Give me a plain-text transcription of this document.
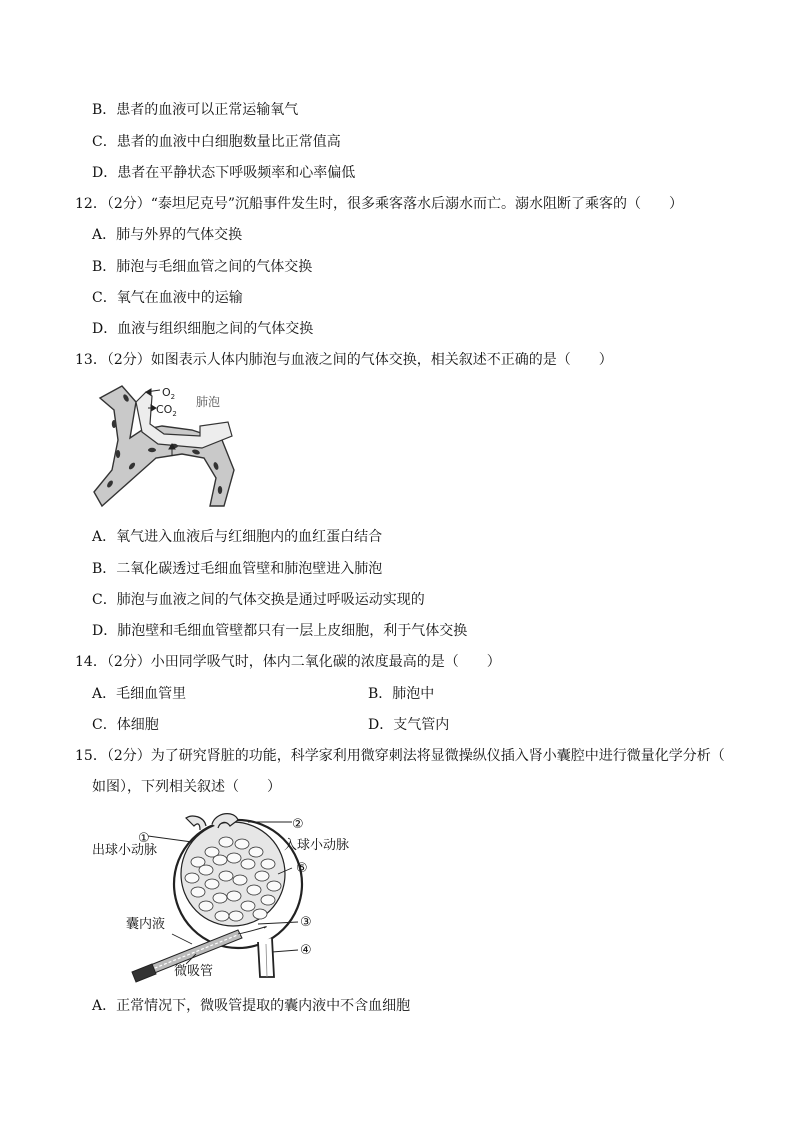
B．患者的血液可以正常运输氧气
C．患者的血液中白细胞数量比正常值高
D．患者在平静状态下呼吸频率和心率偏低
12．（2分）“泰坦尼克号”沉船事件发生时，很多乘客落水后溺水而亡。溺水阻断了乘客的（　　）
A．肺与外界的气体交换
B．肺泡与毛细血管之间的气体交换
C．氧气在血液中的运输
D．血液与组织细胞之间的气体交换
13．（2分）如图表示人体内肺泡与血液之间的气体交换，相关叙述不正确的是（　　）
$O_2$
$CO_2$
肺泡
A．氧气进入血液后与红细胞内的血红蛋白结合
B．二氧化碳透过毛细血管壁和肺泡壁进入肺泡
C．肺泡与血液之间的气体交换是通过呼吸运动实现的
D．肺泡壁和毛细血管壁都只有一层上皮细胞，利于气体交换
14．（2分）小田同学吸气时，体内二氧化碳的浓度最高的是（　　）
A．毛细血管里	B．肺泡中
C．体细胞	D．支气管内
15．（2分）为了研究肾脏的功能，科学家利用微穿刺法将显微操纵仪插入肾小囊腔中进行微量化学分析（
如图），下列相关叙述（　　）
①
②
⑤
③
④
出球小动脉	入球小动脉
囊内液
微吸管
A．正常情况下，微吸管提取的囊内液中不含血细胞
